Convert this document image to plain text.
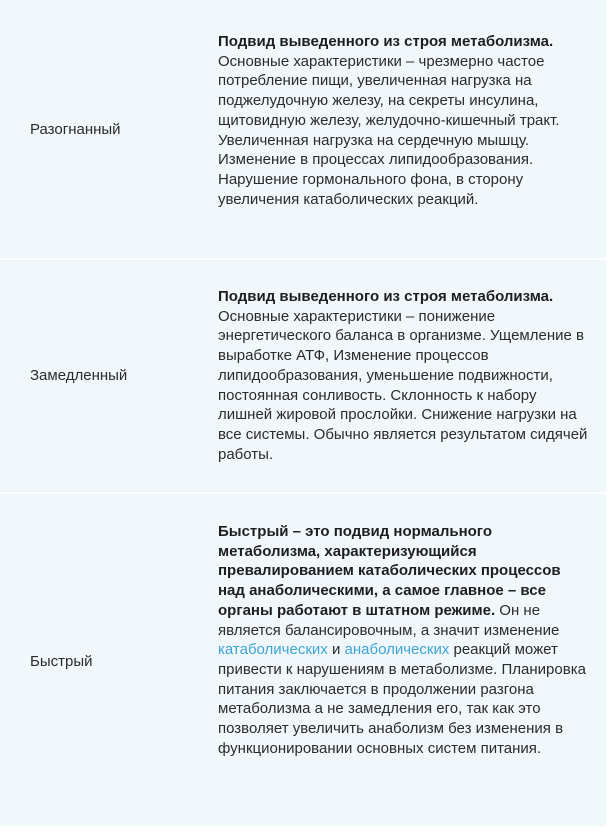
Разогнанный
Подвид выведенного из строя метаболизма.
Основные характеристики – чрезмерно частое потребление пищи, увеличенная нагрузка на поджелудочную железу, на секреты инсулина, щитовидную железу, желудочно-кишечный тракт. Увеличенная нагрузка на сердечную мышцу. Изменение в процессах липидообразования. Нарушение гормонального фона, в сторону увеличения катаболических реакций.
Замедленный
Подвид выведенного из строя метаболизма.
Основные характеристики – понижение энергетического баланса в организме. Ущемление в выработке АТФ, Изменение процессов липидообразования, уменьшение подвижности, постоянная сонливость. Склонность к набору лишней жировой прослойки. Снижение нагрузки на все системы. Обычно является результатом сидячей работы.
Быстрый
Быстрый – это подвид нормального метаболизма, характеризующийся превалированием катаболических процессов над анаболическими, а самое главное – все органы работают в штатном режиме. Он не является балансировочным, а значит изменение катаболических и анаболических реакций может привести к нарушениям в метаболизме. Планировка питания заключается в продолжении разгона метаболизма а не замедления его, так как это позволяет увеличить анаболизм без изменения в функционировании основных систем питания.
